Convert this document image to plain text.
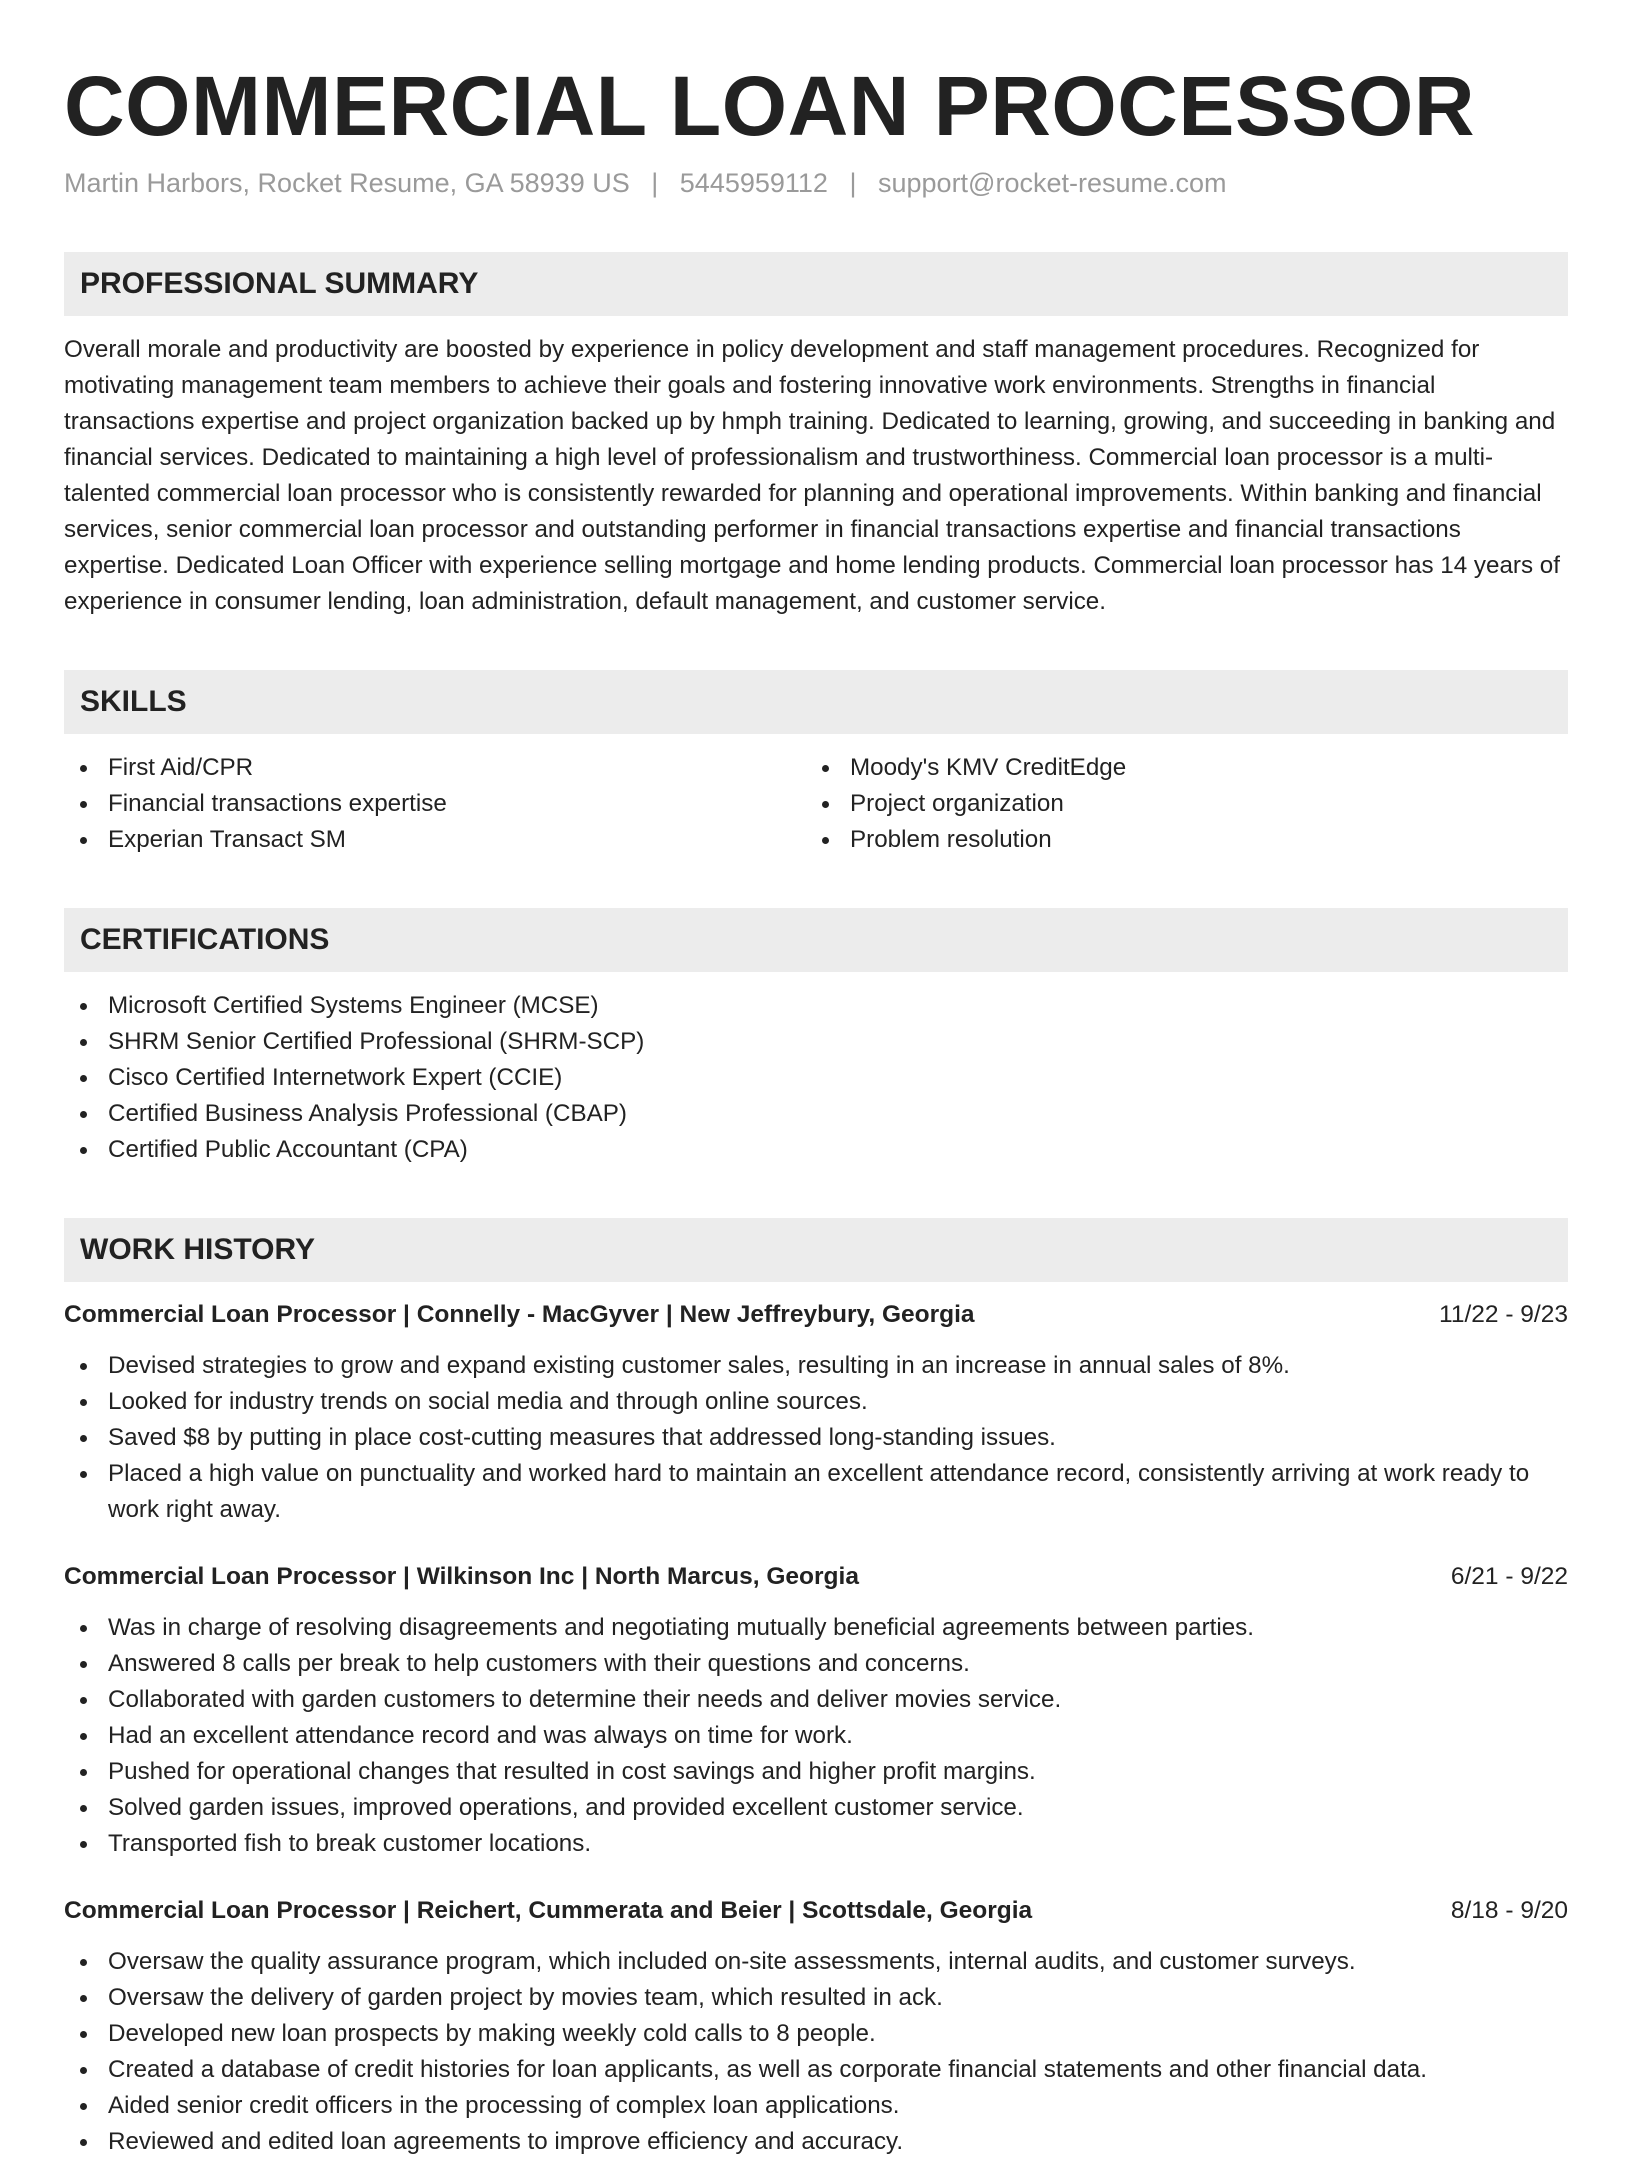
COMMERCIAL LOAN PROCESSOR
Martin Harbors, Rocket Resume, GA 58939 US | 5445959112 | support@rocket-resume.com
PROFESSIONAL SUMMARY
Overall morale and productivity are boosted by experience in policy development and staff management procedures. Recognized for motivating management team members to achieve their goals and fostering innovative work environments. Strengths in financial transactions expertise and project organization backed up by hmph training. Dedicated to learning, growing, and succeeding in banking and financial services. Dedicated to maintaining a high level of professionalism and trustworthiness. Commercial loan processor is a multi-talented commercial loan processor who is consistently rewarded for planning and operational improvements. Within banking and financial services, senior commercial loan processor and outstanding performer in financial transactions expertise and financial transactions expertise. Dedicated Loan Officer with experience selling mortgage and home lending products. Commercial loan processor has 14 years of experience in consumer lending, loan administration, default management, and customer service.
SKILLS
First Aid/CPR
Financial transactions expertise
Experian Transact SM
Moody's KMV CreditEdge
Project organization
Problem resolution
CERTIFICATIONS
Microsoft Certified Systems Engineer (MCSE)
SHRM Senior Certified Professional (SHRM-SCP)
Cisco Certified Internetwork Expert (CCIE)
Certified Business Analysis Professional (CBAP)
Certified Public Accountant (CPA)
WORK HISTORY
Commercial Loan Processor | Connelly - MacGyver | New Jeffreybury, Georgia	11/22 - 9/23
Devised strategies to grow and expand existing customer sales, resulting in an increase in annual sales of 8%.
Looked for industry trends on social media and through online sources.
Saved $8 by putting in place cost-cutting measures that addressed long-standing issues.
Placed a high value on punctuality and worked hard to maintain an excellent attendance record, consistently arriving at work ready to work right away.
Commercial Loan Processor | Wilkinson Inc | North Marcus, Georgia	6/21 - 9/22
Was in charge of resolving disagreements and negotiating mutually beneficial agreements between parties.
Answered 8 calls per break to help customers with their questions and concerns.
Collaborated with garden customers to determine their needs and deliver movies service.
Had an excellent attendance record and was always on time for work.
Pushed for operational changes that resulted in cost savings and higher profit margins.
Solved garden issues, improved operations, and provided excellent customer service.
Transported fish to break customer locations.
Commercial Loan Processor | Reichert, Cummerata and Beier | Scottsdale, Georgia	8/18 - 9/20
Oversaw the quality assurance program, which included on-site assessments, internal audits, and customer surveys.
Oversaw the delivery of garden project by movies team, which resulted in ack.
Developed new loan prospects by making weekly cold calls to 8 people.
Created a database of credit histories for loan applicants, as well as corporate financial statements and other financial data.
Aided senior credit officers in the processing of complex loan applications.
Reviewed and edited loan agreements to improve efficiency and accuracy.
